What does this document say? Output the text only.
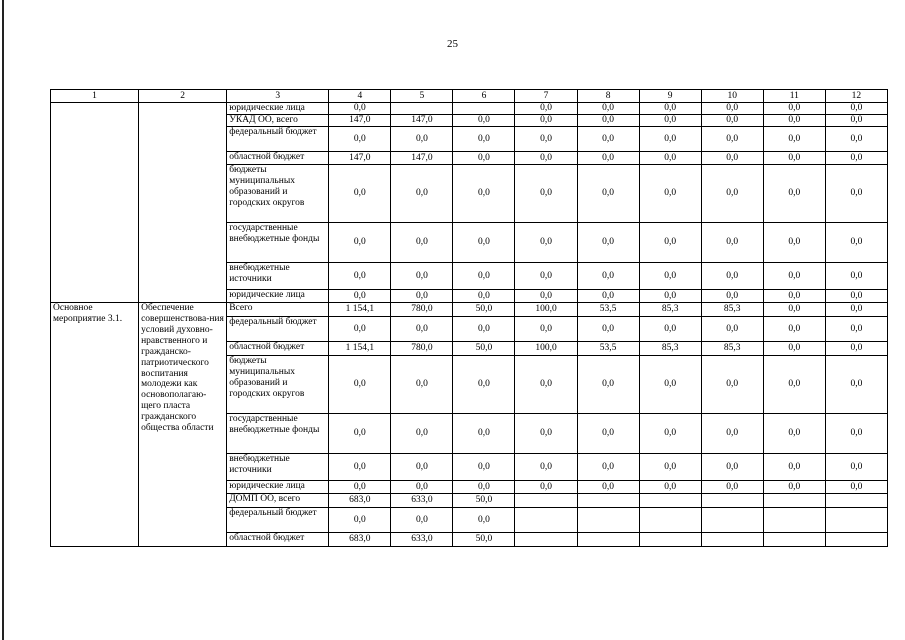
25
1	2	3	4	5	6	7	8	9	10	11	12
		юридические лица	0,0			0,0	0,0	0,0	0,0	0,0	0,0
		УКАД ОО, всего	147,0	147,0	0,0	0,0	0,0	0,0	0,0	0,0	0,0
		федеральный бюджет	0,0	0,0	0,0	0,0	0,0	0,0	0,0	0,0	0,0
		областной бюджет	147,0	147,0	0,0	0,0	0,0	0,0	0,0	0,0	0,0
		бюджеты муниципальных образований и городских округов	0,0	0,0	0,0	0,0	0,0	0,0	0,0	0,0	0,0
		государственные внебюджетные фонды	0,0	0,0	0,0	0,0	0,0	0,0	0,0	0,0	0,0
		внебюджетные источники	0,0	0,0	0,0	0,0	0,0	0,0	0,0	0,0	0,0
		юридические лица	0,0	0,0	0,0	0,0	0,0	0,0	0,0	0,0	0,0
Основное мероприятие 3.1.	Обеспечение совершенствова-ния условий духовно-нравственного и гражданско-патриотического воспитания молодежи как основополагаю-щего пласта гражданского общества области	Всего	1 154,1	780,0	50,0	100,0	53,5	85,3	85,3	0,0	0,0
		федеральный бюджет	0,0	0,0	0,0	0,0	0,0	0,0	0,0	0,0	0,0
		областной бюджет	1 154,1	780,0	50,0	100,0	53,5	85,3	85,3	0,0	0,0
		бюджеты муниципальных образований и городских округов	0,0	0,0	0,0	0,0	0,0	0,0	0,0	0,0	0,0
		государственные внебюджетные фонды	0,0	0,0	0,0	0,0	0,0	0,0	0,0	0,0	0,0
		внебюджетные источники	0,0	0,0	0,0	0,0	0,0	0,0	0,0	0,0	0,0
		юридические лица	0,0	0,0	0,0	0,0	0,0	0,0	0,0	0,0	0,0
		ДОМП ОО, всего	683,0	633,0	50,0						
		федеральный бюджет	0,0	0,0	0,0						
		областной бюджет	683,0	633,0	50,0						
